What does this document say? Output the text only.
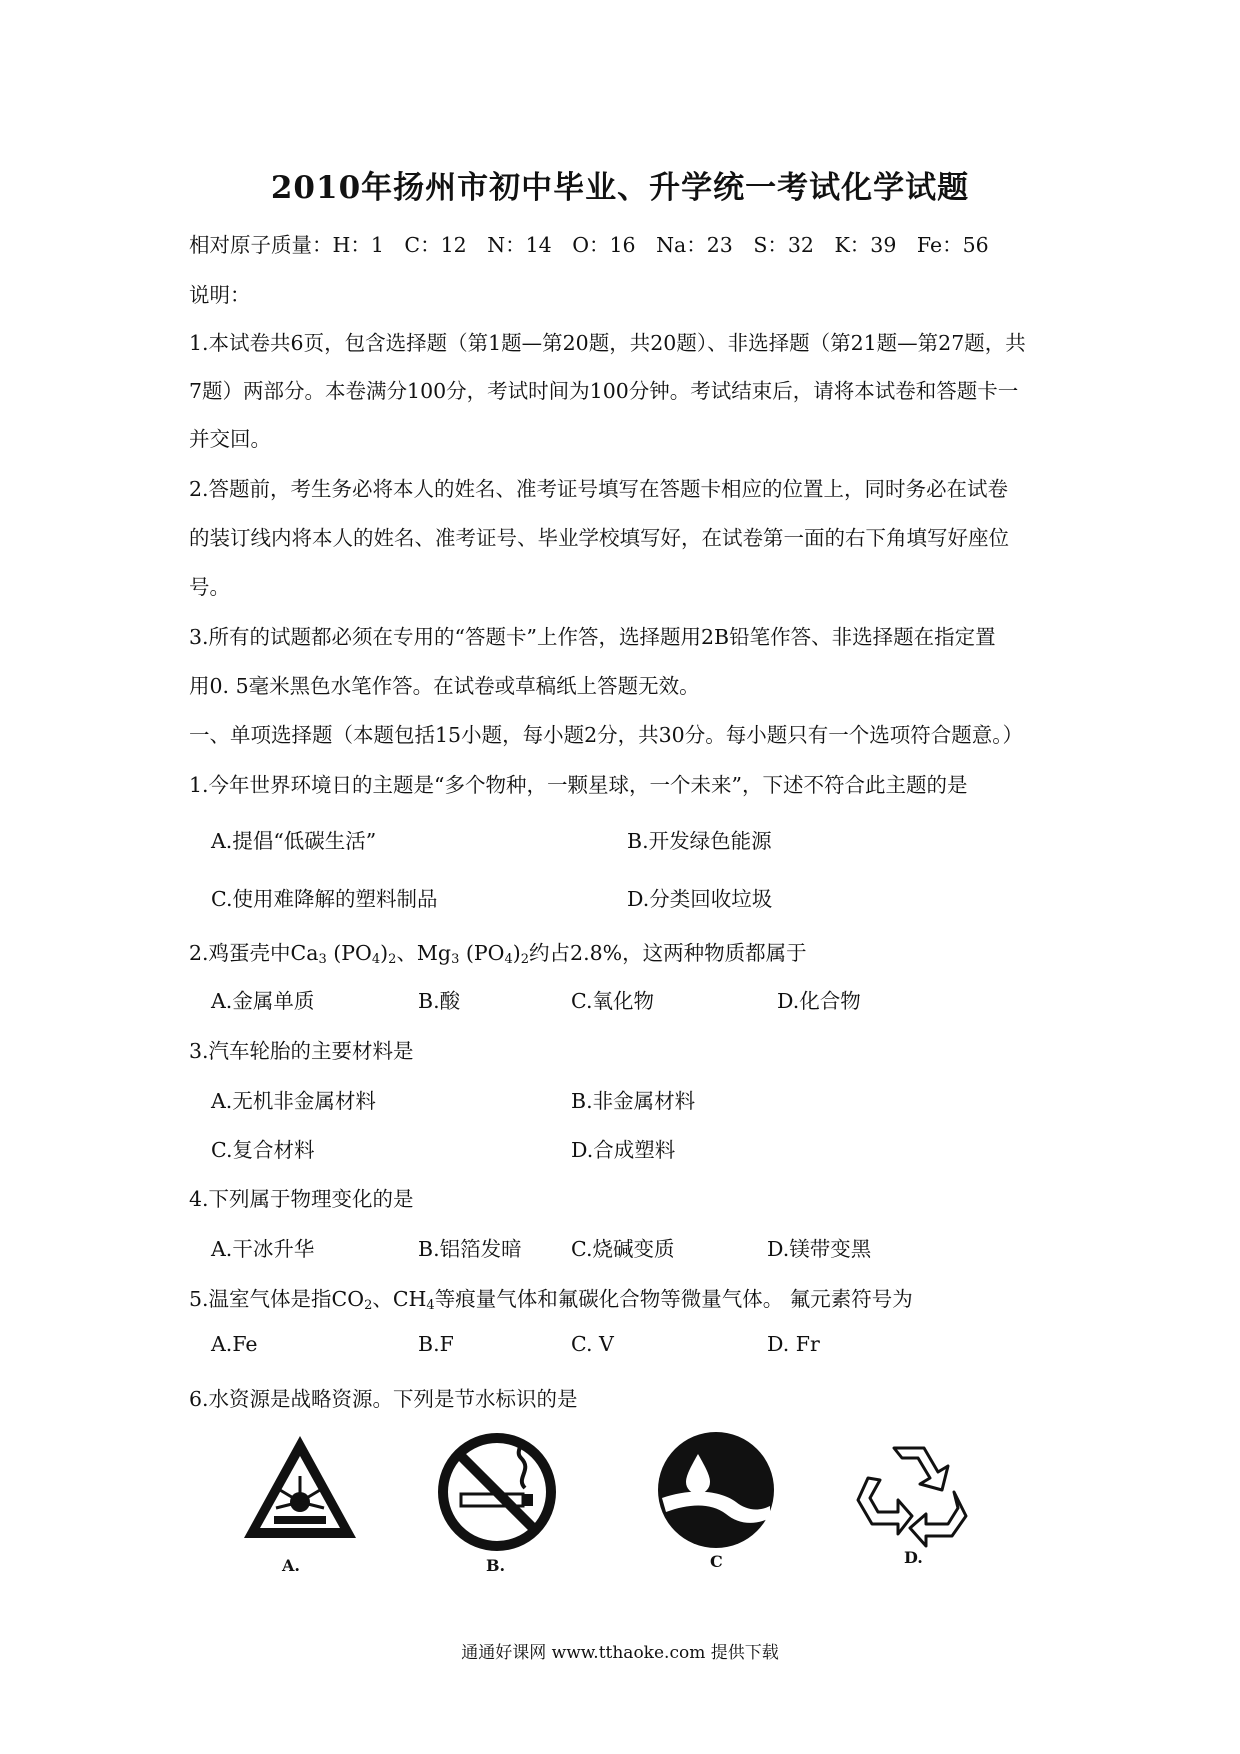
2010年扬州市初中毕业、升学统一考试化学试题
相对原子质量：H：1　C：12　N：14　O：16　Na：23　S：32　K：39　Fe：56
说明：
1.本试卷共6页，包含选择题（第1题—第20题，共20题）、非选择题（第21题—第27题，共
7题）两部分。本卷满分100分，考试时间为100分钟。考试结束后，请将本试卷和答题卡一
并交回。
2.答题前，考生务必将本人的姓名、准考证号填写在答题卡相应的位置上，同时务必在试卷
的装订线内将本人的姓名、准考证号、毕业学校填写好，在试卷第一面的右下角填写好座位
号。
3.所有的试题都必须在专用的“答题卡”上作答，选择题用2B铅笔作答、非选择题在指定置
用0. 5毫米黑色水笔作答。在试卷或草稿纸上答题无效。
一、单项选择题（本题包括15小题，每小题2分，共30分。每小题只有一个选项符合题意。）
1.今年世界环境日的主题是“多个物种，一颗星球，一个未来”，下述不符合此主题的是
A.提倡“低碳生活”	B.开发绿色能源
C.使用难降解的塑料制品	D.分类回收垃圾
2.鸡蛋壳中$Ca_3$ $(PO_4)_2$、$Mg_3$ $(PO_4)_2$约占2.8%，这两种物质都属于
A.金属单质	B.酸	C.氧化物	D.化合物
3.汽车轮胎的主要材料是
A.无机非金属材料	B.非金属材料
C.复合材料	D.合成塑料
4.下列属于物理变化的是
A.干冰升华	B.铝箔发暗 C.烧碱变质	D.镁带变黑
5.温室气体是指$CO_2$、$CH_4$等痕量气体和氟碳化合物等微量气体。 氟元素符号为
A.Fe	B.F	C. V	D. Fr
6.水资源是战略资源。下列是节水标识的是
A.	B.	C	D.
通通好课网 www.tthaoke.com 提供下载
